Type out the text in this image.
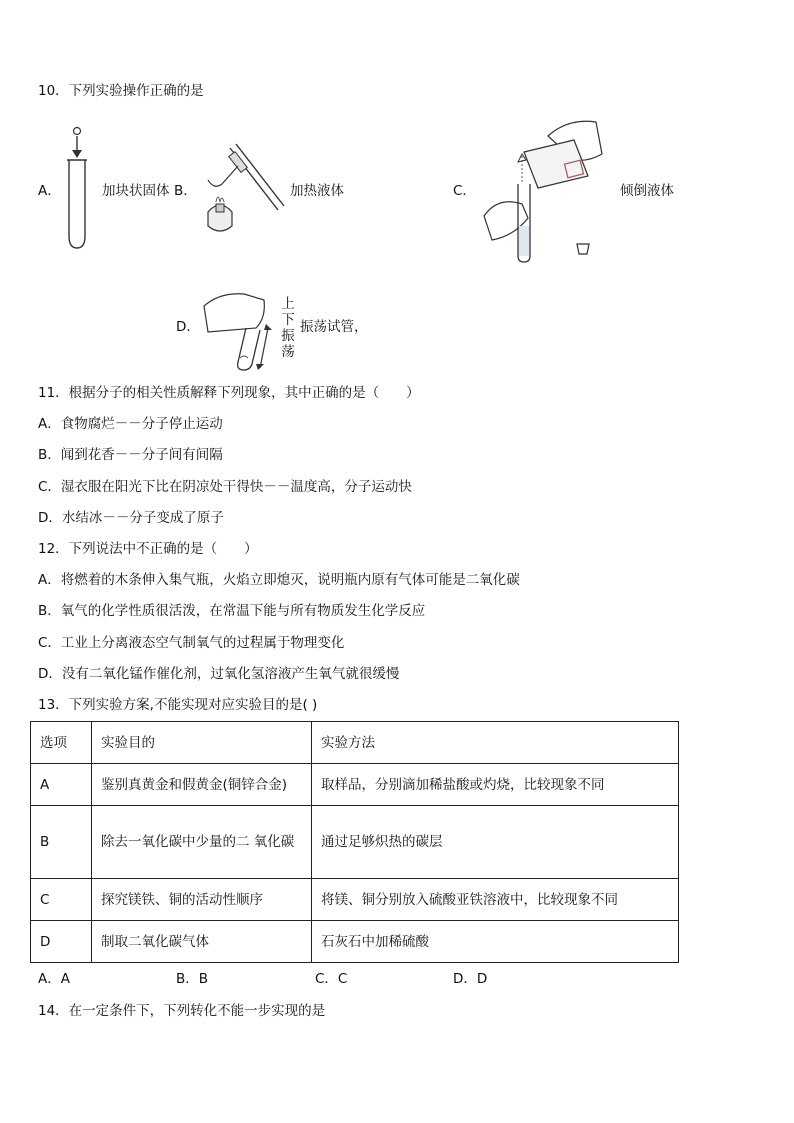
10．下列实验操作正确的是
A．	加块状固体 B．	加热液体	C．	倾倒液体
D．
上下振荡
振荡试管，
11．根据分子的相关性质解释下列现象，其中正确的是（　　）
A．食物腐烂－－分子停止运动
B．闻到花香－－分子间有间隔
C．湿衣服在阳光下比在阴凉处干得快－－温度高，分子运动快
D．水结冰－－分子变成了原子
12．下列说法中不正确的是（　　）
A．将燃着的木条伸入集气瓶，火焰立即熄灭，说明瓶内原有气体可能是二氧化碳
B．氧气的化学性质很活泼，在常温下能与所有物质发生化学反应
C．工业上分离液态空气制氧气的过程属于物理变化
D．没有二氧化锰作催化剂，过氧化氢溶液产生氧气就很缓慢
13．下列实验方案,不能实现对应实验目的是( )
选项	实验目的	实验方法
A	鉴别真黄金和假黄金(铜锌合金)	取样品，分别滴加稀盐酸或灼烧，比较现象不同
B	除去一氧化碳中少量的二 氧化碳	通过足够炽热的碳层
C	探究镁铁、铜的活动性顺序	将镁、铜分别放入硫酸亚铁溶液中，比较现象不同
D	制取二氧化碳气体	石灰石中加稀硫酸
A．A	B．B	C．C	D．D
14．在一定条件下，下列转化不能一步实现的是
